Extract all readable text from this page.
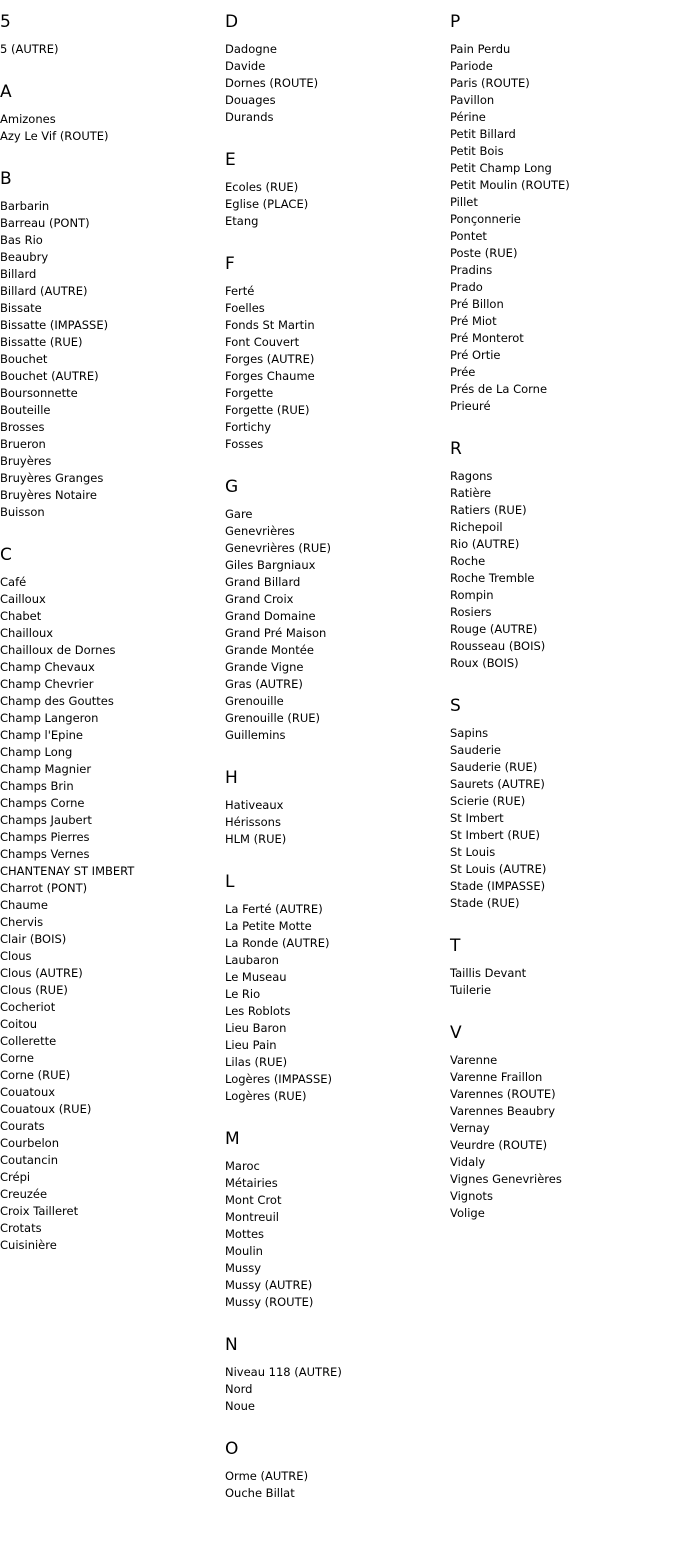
5
5 (AUTRE)
A
Amizones
Azy Le Vif (ROUTE)
B
Barbarin
Barreau (PONT)
Bas Rio
Beaubry
Billard
Billard (AUTRE)
Bissate
Bissatte (IMPASSE)
Bissatte (RUE)
Bouchet
Bouchet (AUTRE)
Boursonnette
Bouteille
Brosses
Brueron
Bruyères
Bruyères Granges
Bruyères Notaire
Buisson
C
Café
Cailloux
Chabet
Chailloux
Chailloux de Dornes
Champ Chevaux
Champ Chevrier
Champ des Gouttes
Champ Langeron
Champ l'Epine
Champ Long
Champ Magnier
Champs Brin
Champs Corne
Champs Jaubert
Champs Pierres
Champs Vernes
CHANTENAY ST IMBERT
Charrot (PONT)
Chaume
Chervis
Clair (BOIS)
Clous
Clous (AUTRE)
Clous (RUE)
Cocheriot
Coitou
Collerette
Corne
Corne (RUE)
Couatoux
Couatoux (RUE)
Courats
Courbelon
Coutancin
Crépi
Creuzée
Croix Tailleret
Crotats
Cuisinière
D
Dadogne
Davide
Dornes (ROUTE)
Douages
Durands
E
Ecoles (RUE)
Eglise (PLACE)
Etang
F
Ferté
Foelles
Fonds St Martin
Font Couvert
Forges (AUTRE)
Forges Chaume
Forgette
Forgette (RUE)
Fortichy
Fosses
G
Gare
Genevrières
Genevrières (RUE)
Giles Bargniaux
Grand Billard
Grand Croix
Grand Domaine
Grand Pré Maison
Grande Montée
Grande Vigne
Gras (AUTRE)
Grenouille
Grenouille (RUE)
Guillemins
H
Hativeaux
Hérissons
HLM (RUE)
L
La Ferté (AUTRE)
La Petite Motte
La Ronde (AUTRE)
Laubaron
Le Museau
Le Rio
Les Roblots
Lieu Baron
Lieu Pain
Lilas (RUE)
Logères (IMPASSE)
Logères (RUE)
M
Maroc
Métairies
Mont Crot
Montreuil
Mottes
Moulin
Mussy
Mussy (AUTRE)
Mussy (ROUTE)
N
Niveau 118 (AUTRE)
Nord
Noue
O
Orme (AUTRE)
Ouche Billat
P
Pain Perdu
Pariode
Paris (ROUTE)
Pavillon
Périne
Petit Billard
Petit Bois
Petit Champ Long
Petit Moulin (ROUTE)
Pillet
Ponçonnerie
Pontet
Poste (RUE)
Pradins
Prado
Pré Billon
Pré Miot
Pré Monterot
Pré Ortie
Prée
Prés de La Corne
Prieuré
R
Ragons
Ratière
Ratiers (RUE)
Richepoil
Rio (AUTRE)
Roche
Roche Tremble
Rompin
Rosiers
Rouge (AUTRE)
Rousseau (BOIS)
Roux (BOIS)
S
Sapins
Sauderie
Sauderie (RUE)
Saurets (AUTRE)
Scierie (RUE)
St Imbert
St Imbert (RUE)
St Louis
St Louis (AUTRE)
Stade (IMPASSE)
Stade (RUE)
T
Taillis Devant
Tuilerie
V
Varenne
Varenne Fraillon
Varennes (ROUTE)
Varennes Beaubry
Vernay
Veurdre (ROUTE)
Vidaly
Vignes Genevrières
Vignots
Volige
